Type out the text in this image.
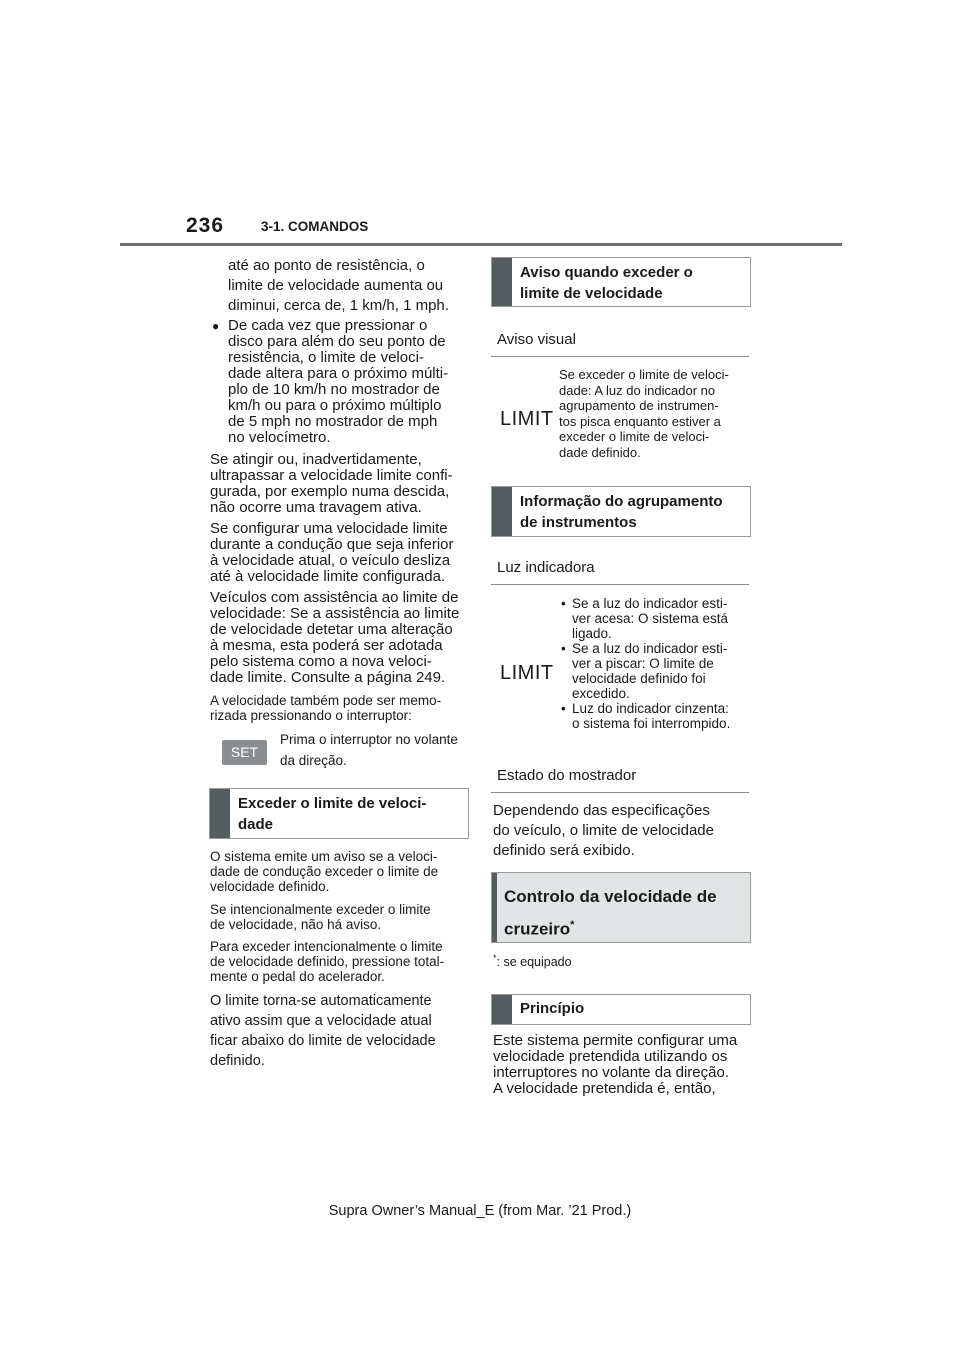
236	3-1. COMANDOS
até ao ponto de resistência, o
limite de velocidade aumenta ou
diminui, cerca de, 1 km/h, 1 mph.
● De cada vez que pressionar o
disco para além do seu ponto de
resistência, o limite de veloci-
dade altera para o próximo múlti-
plo de 10 km/h no mostrador de
km/h ou para o próximo múltiplo
de 5 mph no mostrador de mph
no velocímetro.
Se atingir ou, inadvertidamente,
ultrapassar a velocidade limite confi-
gurada, por exemplo numa descida,
não ocorre uma travagem ativa.
Se configurar uma velocidade limite
durante a condução que seja inferior
à velocidade atual, o veículo desliza
até à velocidade limite configurada.
Veículos com assistência ao limite de
velocidade: Se a assistência ao limite
de velocidade detetar uma alteração
à mesma, esta poderá ser adotada
pelo sistema como a nova veloci-
dade limite. Consulte a página 249.
A velocidade também pode ser memo-
rizada pressionando o interruptor:
SET
Prima o interruptor no volante
da direção.
Exceder o limite de veloci-
dade
O sistema emite um aviso se a veloci-
dade de condução exceder o limite de
velocidade definido.
Se intencionalmente exceder o limite
de velocidade, não há aviso.
Para exceder intencionalmente o limite
de velocidade definido, pressione total-
mente o pedal do acelerador.
O limite torna-se automaticamente
ativo assim que a velocidade atual
ficar abaixo do limite de velocidade
definido.
Aviso quando exceder o
limite de velocidade
Aviso visual
LIMIT
Se exceder o limite de veloci-
dade: A luz do indicador no
agrupamento de instrumen-
tos pisca enquanto estiver a
exceder o limite de veloci-
dade definido.
Informação do agrupamento
de instrumentos
Luz indicadora
LIMIT
• Se a luz do indicador esti-
ver acesa: O sistema está
ligado.
• Se a luz do indicador esti-
ver a piscar: O limite de
velocidade definido foi
excedido.
• Luz do indicador cinzenta:
o sistema foi interrompido.
Estado do mostrador
Dependendo das especificações
do veículo, o limite de velocidade
definido será exibido.
Controlo da velocidade de
cruzeiro*
*: se equipado
Princípio
Este sistema permite configurar uma
velocidade pretendida utilizando os
interruptores no volante da direção.
A velocidade pretendida é, então,
Supra Owner’s Manual_E (from Mar. ’21 Prod.)
